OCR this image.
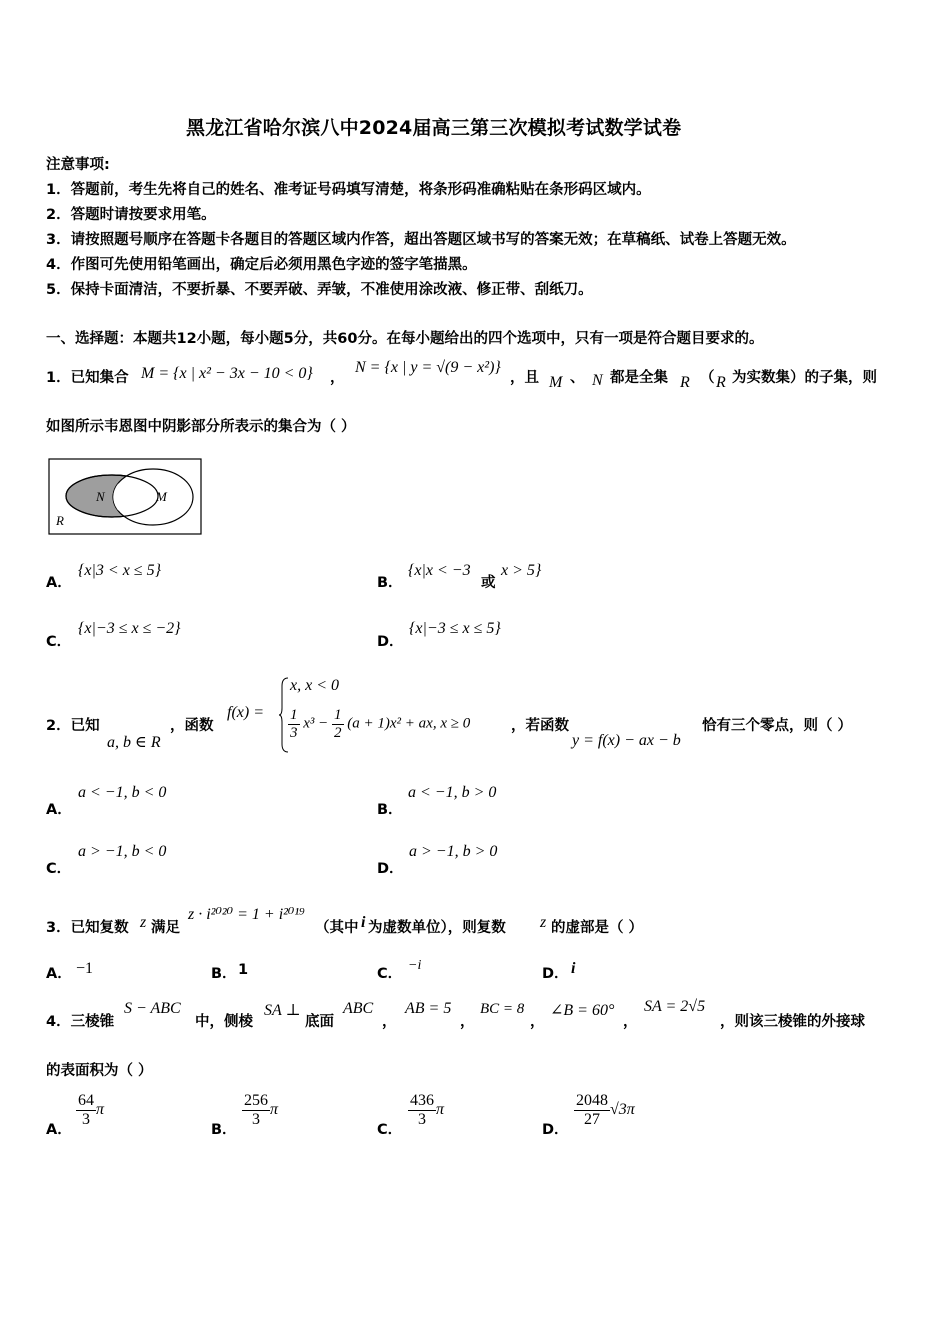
黑龙江省哈尔滨八中2024届高三第三次模拟考试数学试卷
注意事项:
1．答题前，考生先将自己的姓名、准考证号码填写清楚，将条形码准确粘贴在条形码区域内。
2．答题时请按要求用笔。
3．请按照题号顺序在答题卡各题目的答题区域内作答，超出答题区域书写的答案无效；在草稿纸、试卷上答题无效。
4．作图可先使用铅笔画出，确定后必须用黑色字迹的签字笔描黑。
5．保持卡面清洁，不要折暴、不要弄破、弄皱，不准使用涂改液、修正带、刮纸刀。
一、选择题：本题共12小题，每小题5分，共60分。在每小题给出的四个选项中，只有一项是符合题目要求的。
1．已知集合 M = {x | x² − 3x − 10 < 0} ，
N = {x | y = √(9 − x²)}
，且 M 、 N 都是全集 R （ R 为实数集）的子集，则
如图所示韦恩图中阴影部分所表示的集合为（ ）
N	M
R
A．
{x|3 < x ≤ 5}
B．
{x|x < −3
或
x > 5}
C．
{x|−3 ≤ x ≤ −2}
D．
{x|−3 ≤ x ≤ 5}
2．已知
a, b ∈ R
，函数
f(x) =
x, x < 0
$\frac{1}{3} x^3 - \frac{1}{2} (a + 1)x^2$ + ax, x ≥ 0	，若函数
y = f(x) − ax − b
恰有三个零点，则（ ）
A．
a < −1, b < 0
B．
a < −1, b > 0
C．
a > −1, b < 0
D．
a > −1, b > 0
3．已知复数 z 满足
z · i²⁰²⁰ = 1 + i²⁰¹⁹
（其中 i 为虚数单位），则复数 z 的虚部是（ ）
A． −1	B． 1	C．
−i
D． i
4．三棱锥
S − ABC
中，侧棱
SA ⊥
底面
ABC
，
AB = 5
，
BC = 8
，
∠B = 60°
，
SA = 2√5
，则该三棱锥的外接球
的表面积为（ ）
A．
$\frac{64}{3}$ π
B．
$\frac{256}{3}$ π
C．
$\frac{436}{3}$ π
D．
$\frac{2048}{27} √3\pi$
